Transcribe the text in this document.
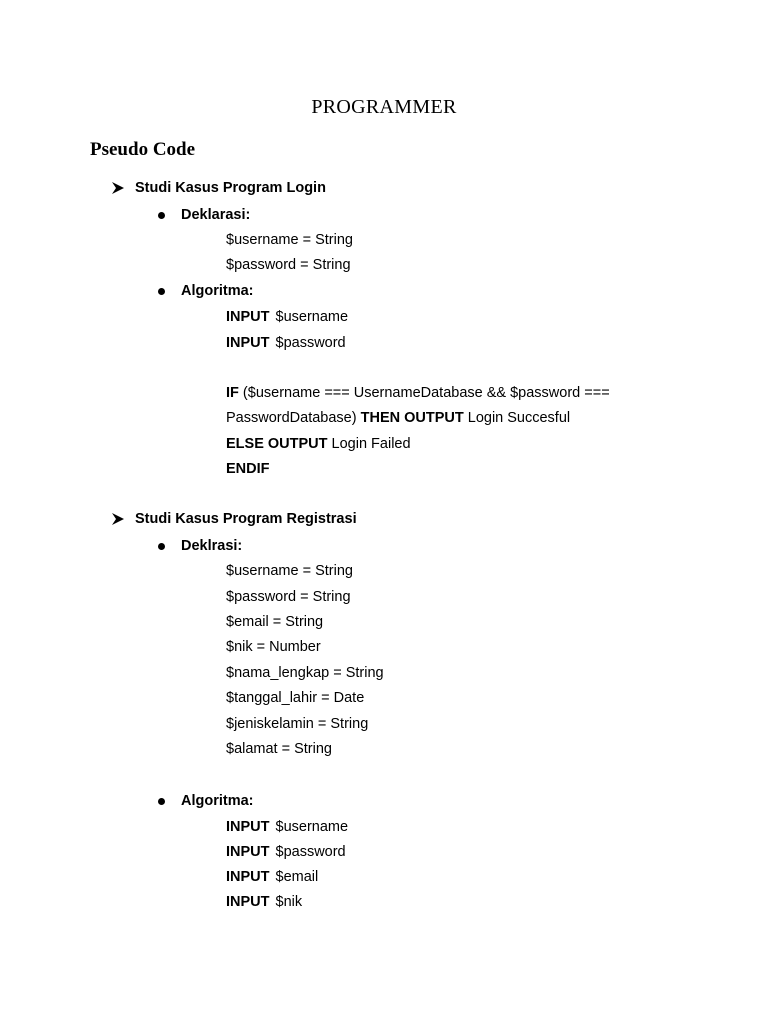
PROGRAMMER
Pseudo Code
Studi Kasus Program Login
Deklarasi:
$username = String
$password = String
Algoritma:
INPUT $username
INPUT $password
IF ($username === UsernameDatabase && $password ===
PasswordDatabase) THEN OUTPUT Login Succesful
ELSE OUTPUT Login Failed
ENDIF
Studi Kasus Program Registrasi
Deklrasi:
$username = String
$password = String
$email = String
$nik = Number
$nama_lengkap = String
$tanggal_lahir = Date
$jeniskelamin = String
$alamat = String
Algoritma:
INPUT $username
INPUT $password
INPUT $email
INPUT $nik
